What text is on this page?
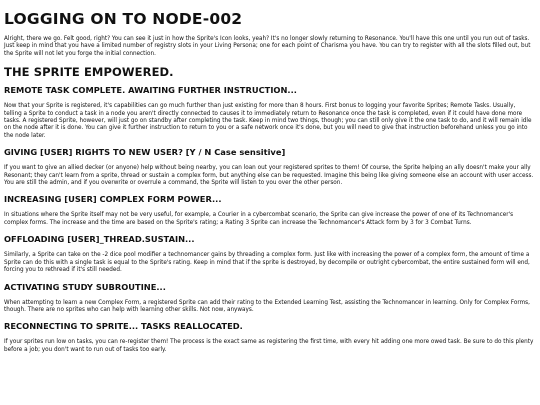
LOGGING ON TO NODE-002

Alright, there we go. Felt good, right? You can see it just in how the Sprite's Icon looks, yeah? It's no longer slowly returning to Resonance. You'll have this one until you run out of tasks. Just keep in mind that you have a limited number of registry slots in your Living Persona; one for each point of Charisma you have. You can try to register with all the slots filled out, but the Sprite will not let you forge the initial connection.

THE SPRITE EMPOWERED.
REMOTE TASK COMPLETE. AWAITING FURTHER INSTRUCTION...

Now that your Sprite is registered, it's capabilities can go much further than just existing for more than 8 hours. First bonus to logging your favorite Sprites; Remote Tasks. Usually, telling a Sprite to conduct a task in a node you aren't directly connected to causes it to immediately return to Resonance once the task is completed, even if it could have done more tasks. A registered Sprite, however, will just go on standby after completing the task. Keep in mind two things, though; you can still only give it the one task to do, and it will remain idle on the node after it is done. You can give it further instruction to return to you or a safe network once it's done, but you will need to give that instruction beforehand unless you go into the node later.

GIVING [USER] RIGHTS TO NEW USER? [Y / N Case sensitive]

If you want to give an allied decker (or anyone) help without being nearby, you can loan out your registered sprites to them! Of course, the Sprite helping an ally doesn't make your ally Resonant; they can't learn from a sprite, thread or sustain a complex form, but anything else can be requested. Imagine this being like giving someone else an account with user access. You are still the admin, and if you overwrite or overrule a command, the Sprite will listen to you over the other person.

INCREASING [USER] COMPLEX FORM POWER...

In situations where the Sprite itself may not be very useful, for example, a Courier in a cybercombat scenario, the Sprite can give increase the power of one of its Technomancer's complex forms. The increase and the time are based on the Sprite's rating; a Rating 3 Sprite can increase the Technomancer's Attack form by 3 for 3 Combat Turns.

OFFLOADING [USER]_THREAD.SUSTAIN...

Similarly, a Sprite can take on the -2 dice pool modifier a technomancer gains by threading a complex form. Just like with increasing the power of a complex form, the amount of time a Sprite can do this with a single task is equal to the Sprite's rating. Keep in mind that if the sprite is destroyed, by decompile or outright cybercombat, the entire sustained form will end, forcing you to rethread if it's still needed.

ACTIVATING STUDY SUBROUTINE...

When attempting to learn a new Complex Form, a registered Sprite can add their rating to the Extended Learning Test, assisting the Technomancer in learning. Only for Complex Forms, though. There are no sprites who can help with learning other skills. Not now, anyways.

RECONNECTING TO SPRITE... TASKS REALLOCATED.

If your sprites run low on tasks, you can re-register them! The process is the exact same as registering the first time, with every hit adding one more owed task. Be sure to do this plenty before a job; you don't want to run out of tasks too early.
